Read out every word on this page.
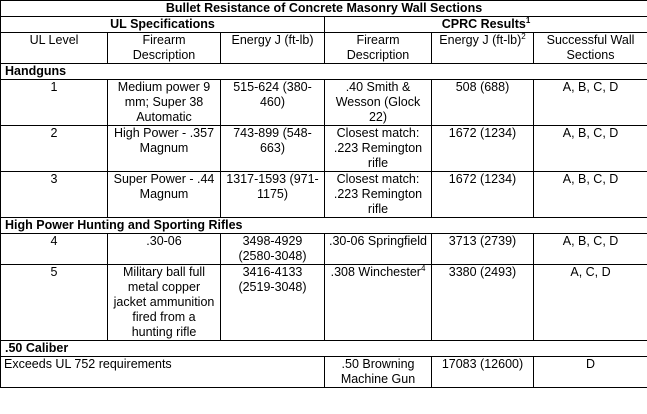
Bullet Resistance of Concrete Masonry Wall Sections					
UL Specifications			CPRC Results$^1$
UL Level	Firearm Description	Energy J (ft-lb)	Firearm Description	Energy J $(ft-lb)^2$	Successful Wall Sections
Handguns					
1	Medium power 9 mm; Super 38 Automatic	515-624 (380-460)	.40 Smith & Wesson (Glock 22)	508 (688)	A, B, C, D
2	High Power - .357 Magnum	743-899 (548-663)	Closest match: .223 Remington rifle	1672 (1234)	A, B, C, D
3	Super Power - .44 Magnum	1317-1593 (971-1175)	Closest match: .223 Remington rifle	1672 (1234)	A, B, C, D
High Power Hunting and Sporting Rifles					
4	.30-06	3498-4929 (2580-3048)	.30-06 Springfield	3713 (2739)	A, B, C, D
5	Military ball full metal copper jacket ammunition fired from a hunting rifle	3416-4133 (2519-3048)	.308 Winchester$^4$	3380 (2493)	A, C, D
.50 Caliber					
Exceeds UL 752 requirements			.50 Browning Machine Gun	17083 (12600)	D
